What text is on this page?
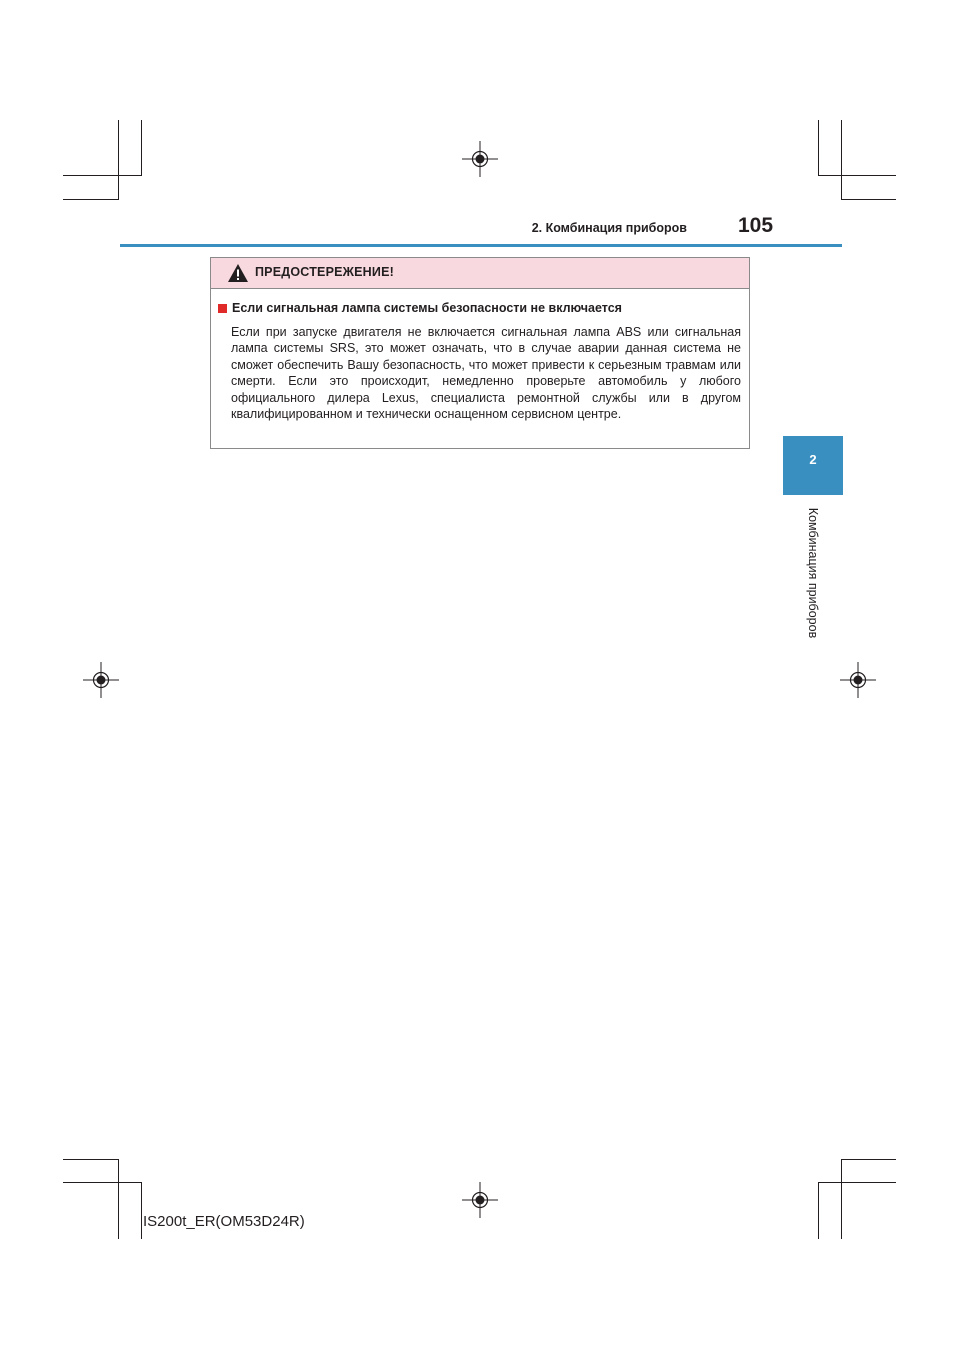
2. Комбинация приборов 105
ПРЕДОСТЕРЕЖЕНИЕ!
Если сигнальная лампа системы безопасности не включается
Если при запуске двигателя не включается сигнальная лампа ABS или сигнальная лампа системы SRS, это может означать, что в случае аварии данная система не сможет обеспечить Вашу безопасность, что может привести к серьезным травмам или смерти. Если это происходит, немедленно проверьте автомобиль у любого официального дилера Lexus, специалиста ремонтной службы или в другом квалифицированном и технически оснащенном сервисном центре.
2
Комбинация приборов
IS200t_ER(OM53D24R)
